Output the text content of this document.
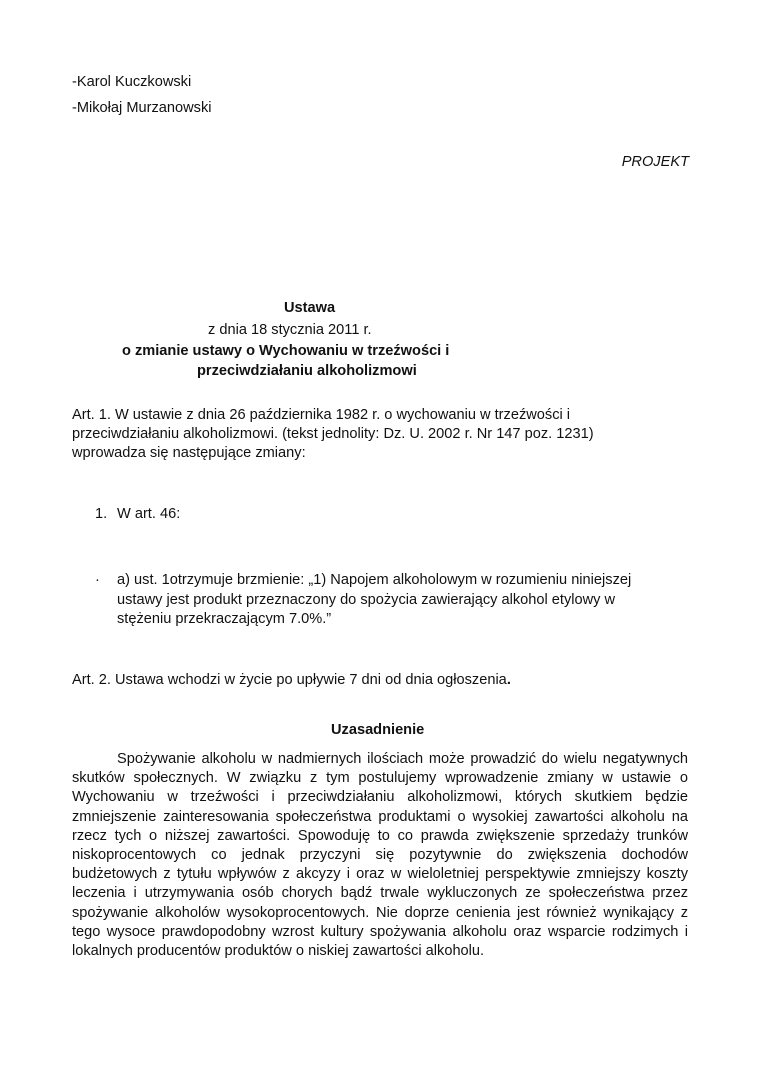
-Karol Kuczkowski
-Mikołaj Murzanowski
PROJEKT
Ustawa
z dnia 18 stycznia 2011 r.
o zmianie ustawy o Wychowaniu w trzeźwości i
przeciwdziałaniu alkoholizmowi
Art. 1. W ustawie z dnia 26 października 1982 r. o wychowaniu w trzeźwości i
przeciwdziałaniu alkoholizmowi. (tekst jednolity: Dz. U. 2002 r. Nr 147 poz. 1231)
wprowadza się następujące zmiany:
1. W art. 46:
· a) ust. 1otrzymuje brzmienie: „1) Napojem alkoholowym w rozumieniu niniejszej
ustawy jest produkt przeznaczony do spożycia zawierający alkohol etylowy w
stężeniu przekraczającym 7.0%.”
Art. 2. Ustawa wchodzi w życie po upływie 7 dni od dnia ogłoszenia.
Uzasadnienie
Spożywanie alkoholu w nadmiernych ilościach może prowadzić do wielu negatywnych skutków społecznych. W związku z tym postulujemy wprowadzenie zmiany w ustawie o Wychowaniu w trzeźwości i przeciwdziałaniu alkoholizmowi, których skutkiem będzie zmniejszenie zainteresowania społeczeństwa produktami o wysokiej zawartości alkoholu na rzecz tych o niższej zawartości. Spowoduję to co prawda zwiększenie sprzedaży trunków niskoprocentowych co jednak przyczyni się pozytywnie do zwiększenia dochodów budżetowych z tytułu wpływów z akcyzy i oraz w wieloletniej perspektywie zmniejszy koszty leczenia i utrzymywania osób chorych bądź trwale wykluczonych ze społeczeństwa przez spożywanie alkoholów wysokoprocentowych. Nie doprze cenienia jest również wynikający z tego wysoce prawdopodobny wzrost kultury spożywania alkoholu oraz wsparcie rodzimych i lokalnych producentów produktów o niskiej zawartości alkoholu.
